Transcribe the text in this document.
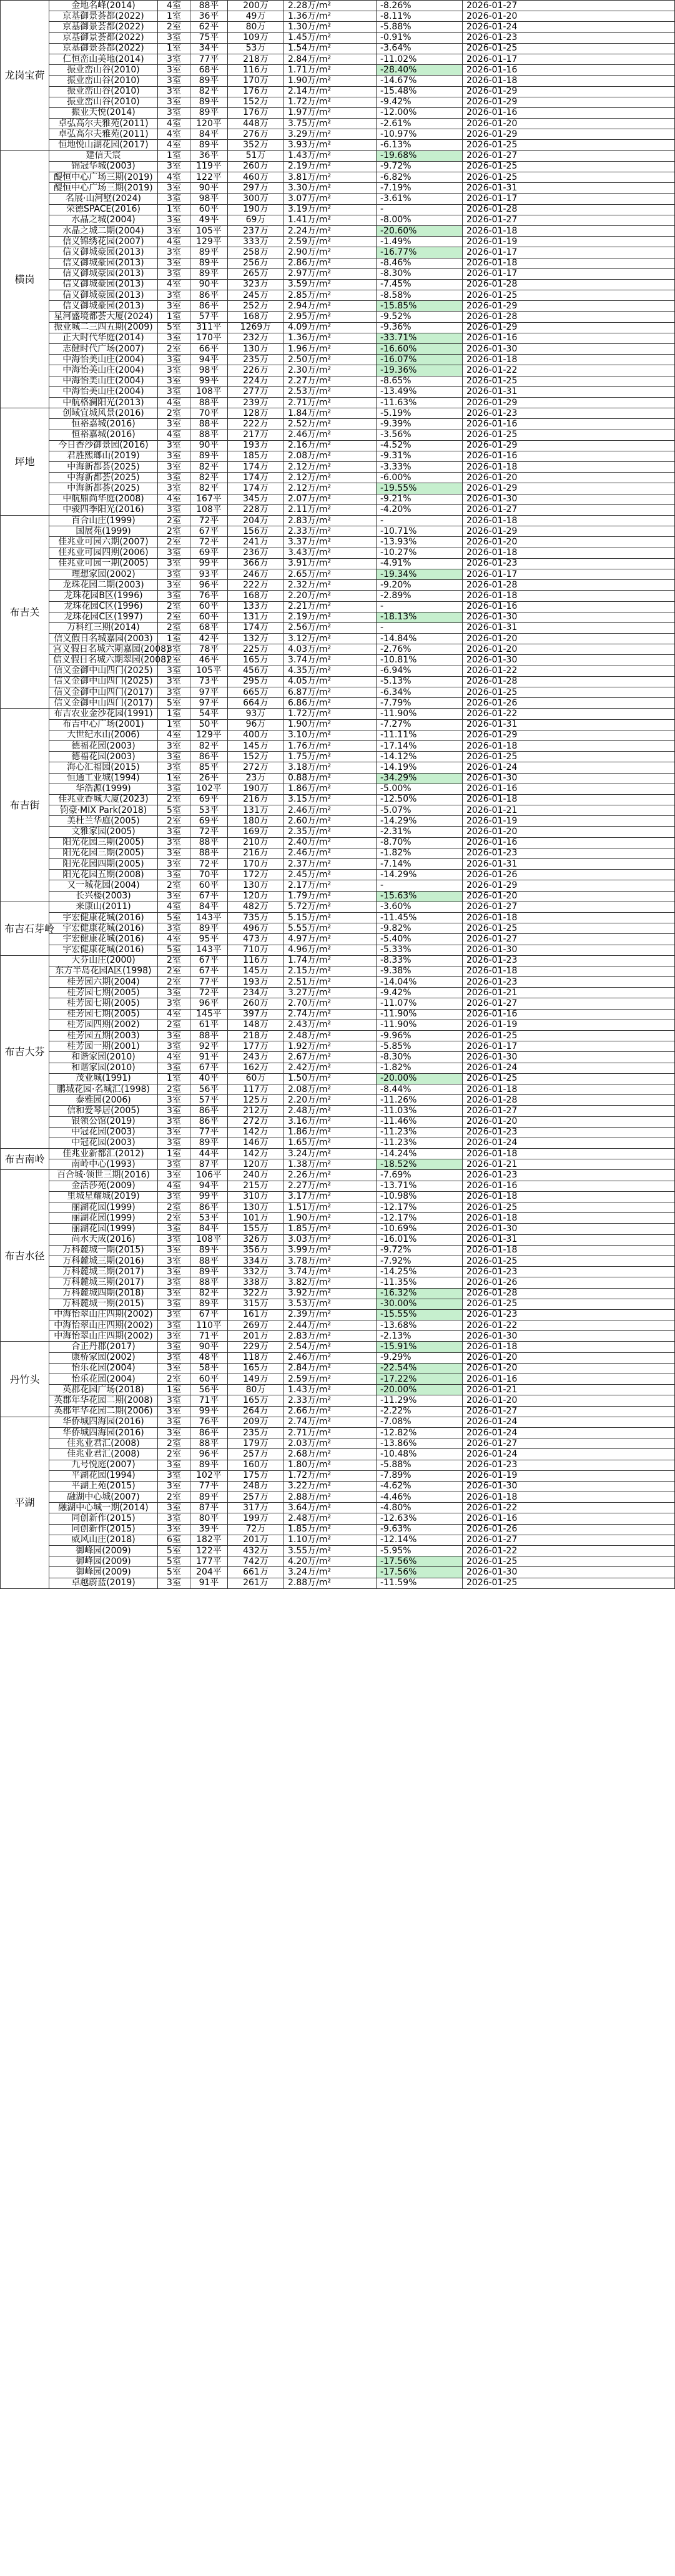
龙岗宝荷	金地名峰(2014)	4室	88平	200万	2.28万/m²	-8.26%	2026-01-27
	京基御景荟都(2022)	1室	36平	49万	1.36万/m²	-8.11%	2026-01-20
	京基御景荟都(2022)	2室	62平	80万	1.30万/m²	-5.88%	2026-01-24
	京基御景荟都(2022)	3室	75平	109万	1.45万/m²	-0.91%	2026-01-23
	京基御景荟都(2022)	1室	34平	53万	1.54万/m²	-3.64%	2026-01-25
	仁恒峦山美地(2014)	3室	77平	218万	2.84万/m²	-11.02%	2026-01-17
	振业峦山谷(2010)	3室	68平	116万	1.71万/m²	-28.40%	2026-01-16
	振业峦山谷(2010)	3室	89平	170万	1.90万/m²	-14.67%	2026-01-18
	振业峦山谷(2010)	3室	82平	176万	2.14万/m²	-15.48%	2026-01-29
	振业峦山谷(2010)	3室	89平	152万	1.72万/m²	-9.42%	2026-01-29
	振业天悦(2014)	3室	89平	176万	1.97万/m²	-12.00%	2026-01-16
	卓弘高尔夫雅苑(2011)	4室	120平	448万	3.75万/m²	-2.61%	2026-01-20
	卓弘高尔夫雅苑(2011)	4室	84平	276万	3.29万/m²	-10.97%	2026-01-29
	恒地悦山湖花园(2017)	4室	89平	352万	3.93万/m²	-6.13%	2026-01-25
横岗	建信天宸	1室	36平	51万	1.43万/m²	-19.68%	2026-01-27
	锦冠华城(2003)	3室	119平	260万	2.19万/m²	-9.72%	2026-01-25
	醍恒中心广场三期(2019)	4室	122平	460万	3.81万/m²	-6.82%	2026-01-25
	醍恒中心广场三期(2019)	3室	90平	297万	3.30万/m²	-7.19%	2026-01-31
	名展·山河墅(2024)	3室	98平	300万	3.07万/m²	-3.61%	2026-01-17
	荣德SPACE(2016)	1室	60平	190万	3.19万/m²	-	2026-01-28
	水晶之城(2004)	3室	49平	69万	1.41万/m²	-8.00%	2026-01-27
	水晶之城二期(2004)	3室	105平	237万	2.24万/m²	-20.60%	2026-01-18
	信义锦绣花园(2007)	4室	129平	333万	2.59万/m²	-1.49%	2026-01-19
	信义御城豪园(2013)	3室	89平	258万	2.90万/m²	-16.77%	2026-01-17
	信义御城豪园(2013)	3室	89平	256万	2.86万/m²	-8.46%	2026-01-18
	信义御城豪园(2013)	3室	89平	265万	2.97万/m²	-8.30%	2026-01-17
	信义御城豪园(2013)	4室	90平	323万	3.59万/m²	-7.45%	2026-01-28
	信义御城豪园(2013)	3室	86平	245万	2.85万/m²	-8.58%	2026-01-25
	信义御城豪园(2013)	3室	86平	252万	2.94万/m²	-15.85%	2026-01-29
	星河盛境都荟大厦(2024)	1室	57平	168万	2.95万/m²	-9.52%	2026-01-28
	振业城二三四五期(2009)	5室	311平	1269万	4.09万/m²	-9.36%	2026-01-29
	正大时代华庭(2014)	3室	170平	232万	1.36万/m²	-33.71%	2026-01-16
	志健时代广场(2007)	2室	66平	130万	1.96万/m²	-16.60%	2026-01-30
	中海怡美山庄(2004)	3室	94平	235万	2.50万/m²	-16.07%	2026-01-18
	中海怡美山庄(2004)	3室	98平	226万	2.30万/m²	-19.36%	2026-01-22
	中海怡美山庄(2004)	3室	99平	224万	2.27万/m²	-8.65%	2026-01-25
	中海怡美山庄(2004)	3室	108平	277万	2.53万/m²	-13.49%	2026-01-31
	中航格澜阳光(2013)	4室	88平	239万	2.71万/m²	-11.63%	2026-01-29
坪地	创域宜城风景(2016)	2室	70平	128万	1.84万/m²	-5.19%	2026-01-23
	恒裕嘉城(2016)	3室	88平	222万	2.52万/m²	-9.39%	2026-01-16
	恒裕嘉城(2016)	4室	88平	217万	2.46万/m²	-3.56%	2026-01-25
	今日香沙御景园(2016)	3室	90平	193万	2.16万/m²	-4.52%	2026-01-29
	君胜熙瑯山(2019)	3室	89平	185万	2.08万/m²	-9.31%	2026-01-16
	中海新都荟(2025)	3室	82平	174万	2.12万/m²	-3.33%	2026-01-18
	中海新都荟(2025)	3室	82平	174万	2.12万/m²	-6.00%	2026-01-20
	中海新都荟(2025)	3室	82平	174万	2.12万/m²	-19.55%	2026-01-29
	中航鼎尚华庭(2008)	4室	167平	345万	2.07万/m²	-9.21%	2026-01-30
	中骏四季阳光(2016)	3室	108平	228万	2.11万/m²	-4.20%	2026-01-27
布吉关	百合山庄(1999)	2室	72平	204万	2.83万/m²	-	2026-01-18
	国展苑(1999)	2室	67平	156万	2.33万/m²	-10.71%	2026-01-29
	佳兆业可园六期(2007)	2室	72平	241万	3.37万/m²	-13.93%	2026-01-20
	佳兆业可园四期(2006)	3室	69平	236万	3.43万/m²	-10.27%	2026-01-18
	佳兆业可园一期(2005)	3室	99平	366万	3.91万/m²	-4.91%	2026-01-23
	理想家园(2002)	3室	93平	246万	2.65万/m²	-19.34%	2026-01-17
	龙珠花园二期(2003)	3室	96平	222万	2.32万/m²	-9.20%	2026-01-28
	龙珠花园B区(1996)	3室	76平	168万	2.20万/m²	-2.89%	2026-01-18
	龙珠花园C区(1996)	2室	60平	133万	2.21万/m²	-	2026-01-16
	龙珠花园C区(1997)	2室	60平	131万	2.19万/m²	-18.13%	2026-01-30
	万科红三期(2014)	2室	68平	174万	2.56万/m²	-	2026-01-31
	信义假日名城嘉园(2003)	1室	42平	132万	3.12万/m²	-14.84%	2026-01-20
	宫义假日名城六期嘉园(2008)	3室	78平	225万	4.03万/m²	-2.76%	2026-01-20
	信义假日名城六期翠园(2008)	2室	46平	165万	3.74万/m²	-10.81%	2026-01-30
	信义金御中山四门(2025)	3室	105平	456万	4.35万/m²	-6.94%	2026-01-22
	信义金御中山四门(2025)	3室	73平	295万	4.05万/m²	-5.13%	2026-01-28
	信义金御中山四门(2017)	3室	97平	665万	6.87万/m²	-6.34%	2026-01-25
	信义金御中山四门(2017)	5室	97平	664万	6.86万/m²	-7.79%	2026-01-26
布吉街	布吉农业金沙花园(1991)	1室	54平	93万	1.72万/m²	-11.90%	2026-01-22
	布吉中心广场(2001)	1室	50平	96万	1.90万/m²	-7.27%	2026-01-31
	大世纪水山(2006)	4室	129平	400万	3.10万/m²	-11.11%	2026-01-29
	德福花园(2003)	3室	82平	145万	1.76万/m²	-17.14%	2026-01-18
	德福花园(2003)	3室	86平	152万	1.75万/m²	-14.12%	2026-01-25
	海心汇福园(2015)	3室	85平	272万	3.18万/m²	-14.19%	2026-01-24
	恒通工业城(1994)	1室	26平	23万	0.88万/m²	-34.29%	2026-01-30
	华浩源(1999)	3室	102平	190万	1.86万/m²	-5.00%	2026-01-16
	佳兆业香城大厦(2023)	2室	69平	216万	3.15万/m²	-12.50%	2026-01-18
	钧豪·MIX Park(2018)	5室	53平	131万	2.46万/m²	-5.07%	2026-01-21
	美杜兰华庭(2005)	2室	69平	180万	2.60万/m²	-14.29%	2026-01-19
	文雅家园(2005)	3室	72平	169万	2.35万/m²	-2.31%	2026-01-20
	阳光花园三期(2005)	3室	88平	210万	2.40万/m²	-8.70%	2026-01-16
	阳光花园三期(2005)	3室	88平	216万	2.46万/m²	-1.82%	2026-01-23
	阳光花园四期(2005)	3室	72平	170万	2.37万/m²	-7.14%	2026-01-31
	阳光花园五期(2008)	3室	70平	172万	2.45万/m²	-14.29%	2026-01-26
	又一城花园(2004)	2室	60平	130万	2.17万/m²	-	2026-01-29
	长兴楼(2003)	3室	67平	120万	1.79万/m²	-15.63%	2026-01-20
布吉石芽岭	来康山(2011)	4室	84平	482万	5.72万/m²	-3.60%	2026-01-27
	宇宏健康花城(2016)	5室	143平	735万	5.15万/m²	-11.45%	2026-01-18
	宇宏健康花城(2016)	3室	89平	496万	5.55万/m²	-9.82%	2026-01-25
	宇宏健康花城(2016)	4室	95平	473万	4.97万/m²	-5.40%	2026-01-27
	宇宏健康花城(2016)	5室	143平	710万	4.96万/m²	-5.33%	2026-01-30
布吉大芬	大芬山庄(2000)	2室	67平	116万	1.74万/m²	-8.33%	2026-01-23
	东方半岛花园A区(1998)	2室	67平	145万	2.15万/m²	-9.38%	2026-01-18
	桂芳园六期(2004)	2室	77平	193万	2.51万/m²	-14.04%	2026-01-23
	桂芳园七期(2005)	3室	72平	234万	3.27万/m²	-9.42%	2026-01-21
	桂芳园七期(2005)	3室	96平	260万	2.70万/m²	-11.07%	2026-01-27
	桂芳园七期(2005)	4室	145平	397万	2.74万/m²	-11.90%	2026-01-16
	桂芳园四期(2002)	2室	61平	148万	2.43万/m²	-11.90%	2026-01-19
	桂芳园五期(2003)	3室	88平	218万	2.48万/m²	-9.96%	2026-01-25
	桂芳园一期(2001)	3室	92平	177万	1.92万/m²	-5.85%	2026-01-17
	和谐家园(2010)	4室	91平	243万	2.67万/m²	-8.30%	2026-01-30
	和谐家园(2010)	3室	67平	162万	2.42万/m²	-1.82%	2026-01-24
	茂业城(1991)	1室	40平	60万	1.50万/m²	-20.00%	2026-01-25
	鹏城花园·名城汇(1998)	2室	56平	117万	2.08万/m²	-8.44%	2026-01-18
	泰雅园(2006)	3室	57平	125万	2.20万/m²	-11.26%	2026-01-28
	信和爱琴居(2005)	3室	86平	212万	2.48万/m²	-11.03%	2026-01-27
	银领公馆(2019)	3室	86平	272万	3.16万/m²	-11.46%	2026-01-20
	中冠花园(2003)	3室	77平	142万	1.86万/m²	-11.23%	2026-01-23
	中冠花园(2003)	3室	89平	146万	1.65万/m²	-11.23%	2026-01-24
布吉南岭	佳兆业新都汇(2012)	1室	44平	142万	3.24万/m²	-14.24%	2026-01-18
	南岭中心(1993)	3室	87平	120万	1.38万/m²	-18.52%	2026-01-21
布吉水径	百合城·领世三期(2016)	3室	106平	240万	2.26万/m²	-7.69%	2026-01-23
	金活莎苑(2009)	4室	94平	215万	2.27万/m²	-13.71%	2026-01-16
	里城星耀城(2019)	3室	99平	310万	3.17万/m²	-10.98%	2026-01-18
	丽湖花园(1999)	2室	86平	130万	1.51万/m²	-12.17%	2026-01-25
	丽湖花园(1999)	2室	53平	101万	1.90万/m²	-12.17%	2026-01-18
	丽湖花园(1999)	3室	84平	155万	1.85万/m²	-10.69%	2026-01-30
	尚水天成(2016)	3室	108平	326万	3.03万/m²	-16.01%	2026-01-31
	万科麓城一期(2015)	3室	89平	356万	3.99万/m²	-9.72%	2026-01-18
	万科麓城三期(2016)	3室	88平	334万	3.78万/m²	-7.92%	2026-01-25
	万科麓城三期(2017)	3室	89平	332万	3.74万/m²	-14.25%	2026-01-23
	万科麓城三期(2017)	3室	88平	338万	3.82万/m²	-11.35%	2026-01-26
	万科麓城四期(2018)	3室	82平	322万	3.92万/m²	-16.32%	2026-01-28
	万科麓城一期(2015)	3室	89平	315万	3.53万/m²	-30.00%	2026-01-25
	中海怡翠山庄四期(2002)	3室	67平	161万	2.39万/m²	-15.55%	2026-01-23
	中海怡翠山庄四期(2002)	3室	110平	269万	2.44万/m²	-13.68%	2026-01-22
	中海怡翠山庄四期(2002)	3室	71平	201万	2.83万/m²	-2.13%	2026-01-30
丹竹头	合正丹郡(2017)	3室	90平	229万	2.54万/m²	-15.91%	2026-01-18
	康桥家园(2002)	3室	48平	118万	2.46万/m²	-9.29%	2026-01-20
	怡乐花园(2004)	3室	58平	165万	2.84万/m²	-22.54%	2026-01-20
	怡乐花园(2004)	2室	60平	149万	2.59万/m²	-17.22%	2026-01-16
	英郡花园广场(2018)	1室	56平	80万	1.43万/m²	-20.00%	2026-01-21
	英郡年华花园二期(2008)	3室	71平	165万	2.33万/m²	-11.29%	2026-01-20
	英郡年华花园二期(2006)	3室	99平	264万	2.66万/m²	-2.22%	2026-01-27
平湖	华侨城四海园(2016)	3室	76平	209万	2.74万/m²	-7.08%	2026-01-24
	华侨城四海园(2016)	3室	86平	235万	2.71万/m²	-12.82%	2026-01-24
	佳兆业君汇(2008)	2室	88平	179万	2.03万/m²	-13.86%	2026-01-27
	佳兆业君汇(2008)	2室	96平	257万	2.68万/m²	-10.48%	2026-01-24
	九号悦庭(2007)	3室	89平	160万	1.80万/m²	-5.88%	2026-01-23
	平湖花园(1994)	3室	102平	175万	1.72万/m²	-7.89%	2026-01-19
	平湖上苑(2015)	3室	77平	248万	3.22万/m²	-4.62%	2026-01-30
	融湖中心城(2007)	2室	89平	257万	2.88万/m²	-4.46%	2026-01-18
	融湖中心城一期(2014)	3室	87平	317万	3.64万/m²	-4.80%	2026-01-22
	同创新作(2015)	3室	80平	199万	2.48万/m²	-12.63%	2026-01-16
	同创新作(2015)	3室	39平	72万	1.85万/m²	-9.63%	2026-01-26
	威风山庄(2018)	6室	182平	201万	1.10万/m²	-12.14%	2026-01-27
	御峰园(2009)	5室	122平	432万	3.55万/m²	-5.95%	2026-01-22
	御峰园(2009)	5室	177平	742万	4.20万/m²	-17.56%	2026-01-25
	御峰园(2009)	5室	204平	661万	3.24万/m²	-17.56%	2026-01-30
	卓越蔚蓝(2019)	3室	91平	261万	2.88万/m²	-11.59%	2026-01-25
